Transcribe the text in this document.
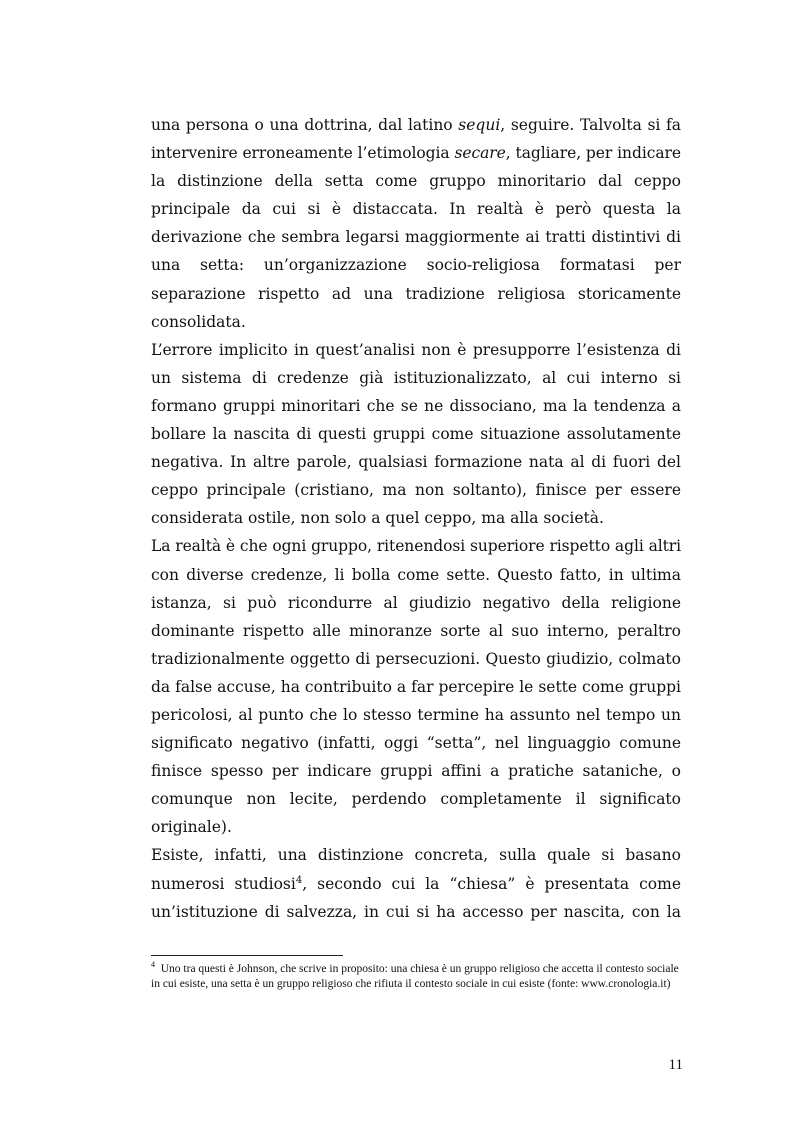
una persona o una dottrina, dal latino sequi, seguire. Talvolta si fa
intervenire erroneamente l’etimologia secare, tagliare, per indicare
la distinzione della setta come gruppo minoritario dal ceppo
principale da cui si è distaccata. In realtà è però questa la
derivazione che sembra legarsi maggiormente ai tratti distintivi di
una setta: un’organizzazione socio-religiosa formatasi per
separazione rispetto ad una tradizione religiosa storicamente
consolidata.

L’errore implicito in quest’analisi non è presupporre l’esistenza di
un sistema di credenze già istituzionalizzato, al cui interno si
formano gruppi minoritari che se ne dissociano, ma la tendenza a
bollare la nascita di questi gruppi come situazione assolutamente
negativa. In altre parole, qualsiasi formazione nata al di fuori del
ceppo principale (cristiano, ma non soltanto), finisce per essere
considerata ostile, non solo a quel ceppo, ma alla società.

La realtà è che ogni gruppo, ritenendosi superiore rispetto agli altri
con diverse credenze, li bolla come sette. Questo fatto, in ultima
istanza, si può ricondurre al giudizio negativo della religione
dominante rispetto alle minoranze sorte al suo interno, peraltro
tradizionalmente oggetto di persecuzioni. Questo giudizio, colmato
da false accuse, ha contribuito a far percepire le sette come gruppi
pericolosi, al punto che lo stesso termine ha assunto nel tempo un
significato negativo (infatti, oggi “setta”, nel linguaggio comune
finisce spesso per indicare gruppi affini a pratiche sataniche, o
comunque non lecite, perdendo completamente il significato
originale).

Esiste, infatti, una distinzione concreta, sulla quale si basano
numerosi studiosi$^4$, secondo cui la “chiesa” è presentata come
un’istituzione di salvezza, in cui si ha accesso per nascita, con la

$^4$ Uno tra questi è Johnson, che scrive in proposito: una chiesa è un gruppo religioso che accetta il contesto sociale in cui esiste, una setta è un gruppo religioso che rifiuta il contesto sociale in cui esiste (fonte: www.cronologia.it)
11
